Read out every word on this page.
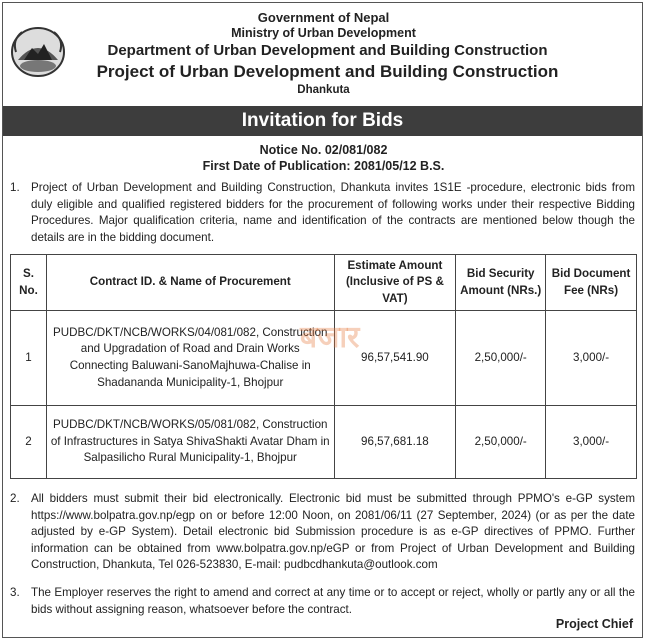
Government of Nepal
Ministry of Urban Development
Department of Urban Development and Building Construction
Project of Urban Development and Building Construction
Dhankuta
Invitation for Bids
Notice No. 02/081/082
First Date of Publication: 2081/05/12 B.S.
1. Project of Urban Development and Building Construction, Dhankuta invites 1S1E -procedure, electronic bids from duly eligible and qualified registered bidders for the procurement of following works under their respective Bidding Procedures. Major qualification criteria, name and identification of the contracts are mentioned below though the details are in the bidding document.
S. No.	Contract ID. & Name of Procurement	Estimate Amount (Inclusive of PS & VAT)	Bid Security Amount (NRs.)	Bid Document Fee (NRs)
1	PUDBC/DKT/NCB/WORKS/04/081/082, Construction and Upgradation of Road and Drain Works Connecting Baluwani-SanoMajhuwa-Chalise in Shadananda Municipality-1, Bhojpur	96,57,541.90	2,50,000/-	3,000/-
2	PUDBC/DKT/NCB/WORKS/05/081/082, Construction of Infrastructures in Satya ShivaShakti Avatar Dham in Salpasilicho Rural Municipality-1, Bhojpur	96,57,681.18	2,50,000/-	3,000/-
बजार
2. All bidders must submit their bid electronically. Electronic bid must be submitted through PPMO's e-GP system https://www.bolpatra.gov.np/egp on or before 12:00 Noon, on 2081/06/11 (27 September, 2024) (or as per the date adjusted by e-GP System). Detail electronic bid Submission procedure is as e-GP directives of PPMO. Further information can be obtained from www.bolpatra.gov.np/eGP or from Project of Urban Development and Building Construction, Dhankuta, Tel 026-523830, E-mail: pudbcdhankuta@outlook.com
3. The Employer reserves the right to amend and correct at any time or to accept or reject, wholly or partly any or all the bids without assigning reason, whatsoever before the contract.
Project Chief
